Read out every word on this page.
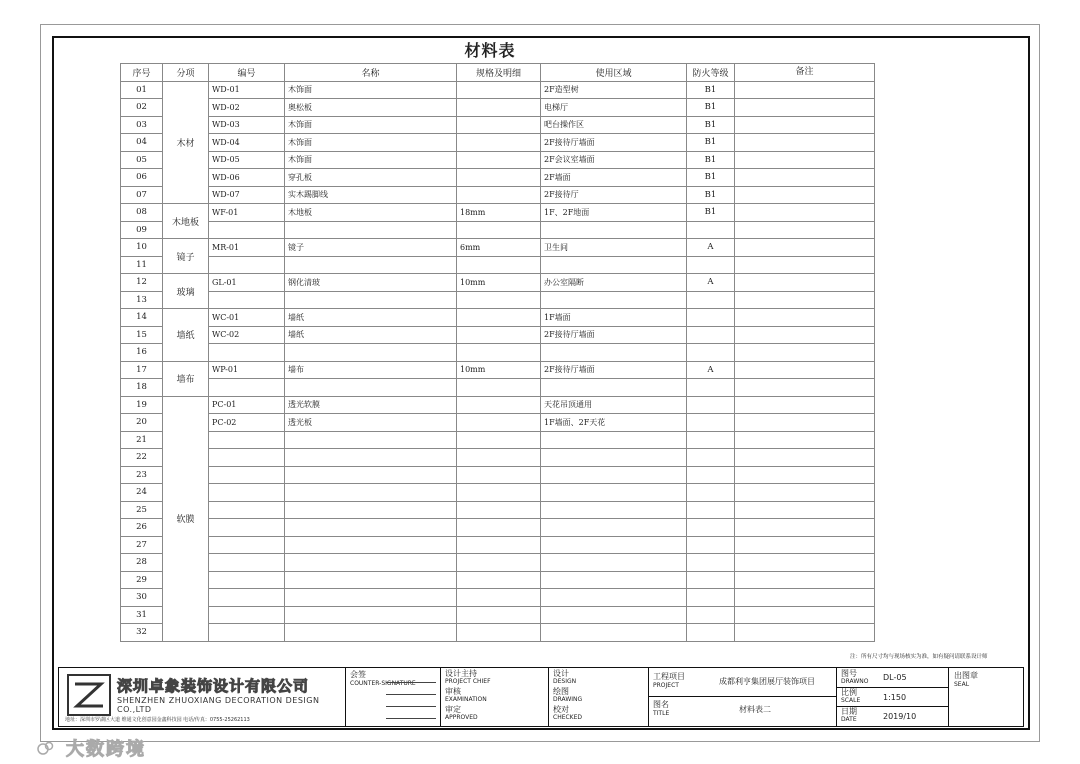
材料表
序号	分项	编号	名称	规格及明细	使用区域	防火等级	备注
01	木材	WD-01	木饰面		2F造型树	B1	
02		WD-02	奥松板		电梯厅	B1	
03		WD-03	木饰面		吧台操作区	B1	
04		WD-04	木饰面		2F接待厅墙面	B1	
05		WD-05	木饰面		2F会议室墙面	B1	
06		WD-06	穿孔板		2F墙面	B1	
07		WD-07	实木踢脚线		2F接待厅	B1	
08	木地板	WF-01	木地板	18mm	1F、2F地面	B1	
09							
10	镜子	MR-01	镜子	6mm	卫生间	A	
11							
12	玻璃	GL-01	钢化清玻	10mm	办公室隔断	A	
13							
14	墙纸	WC-01	墙纸		1F墙面		
15		WC-02	墙纸		2F接待厅墙面		
16							
17	墙布	WP-01	墙布	10mm	2F接待厅墙面	A	
18							
19	软膜	PC-01	透光软膜		天花吊顶通用		
20		PC-02	透光板		1F墙面、2F天花		
21							
22							
23							
24							
25							
26							
27							
28							
29							
30							
31							
32							
注：所有尺寸均与现场核实为准，如有疑问请联系设计师
深圳卓象装饰设计有限公司
SHENZHEN ZHUOXIANG DECORATION DESIGN CO.,LTD
地址：深圳市罗湖区大道 维通文化创意园金鑫科技园 电话/传真：0755-25262113
会签
COUNTER-SIGNATURE
设计主持
PROJECT CHIEF
审核
EXAMINATION
审定
APPROVED
设计
DESIGN
绘图
DRAWING
校对
CHECKED
工程项目
PROJECT	成都利亨集团展厅装饰项目
图名
TITLE	材料表二
图号
DRAWNO DL-05
比例
SCALE	1:150
日期
DATE	2019/10
出图章
SEAL
大数跨境
